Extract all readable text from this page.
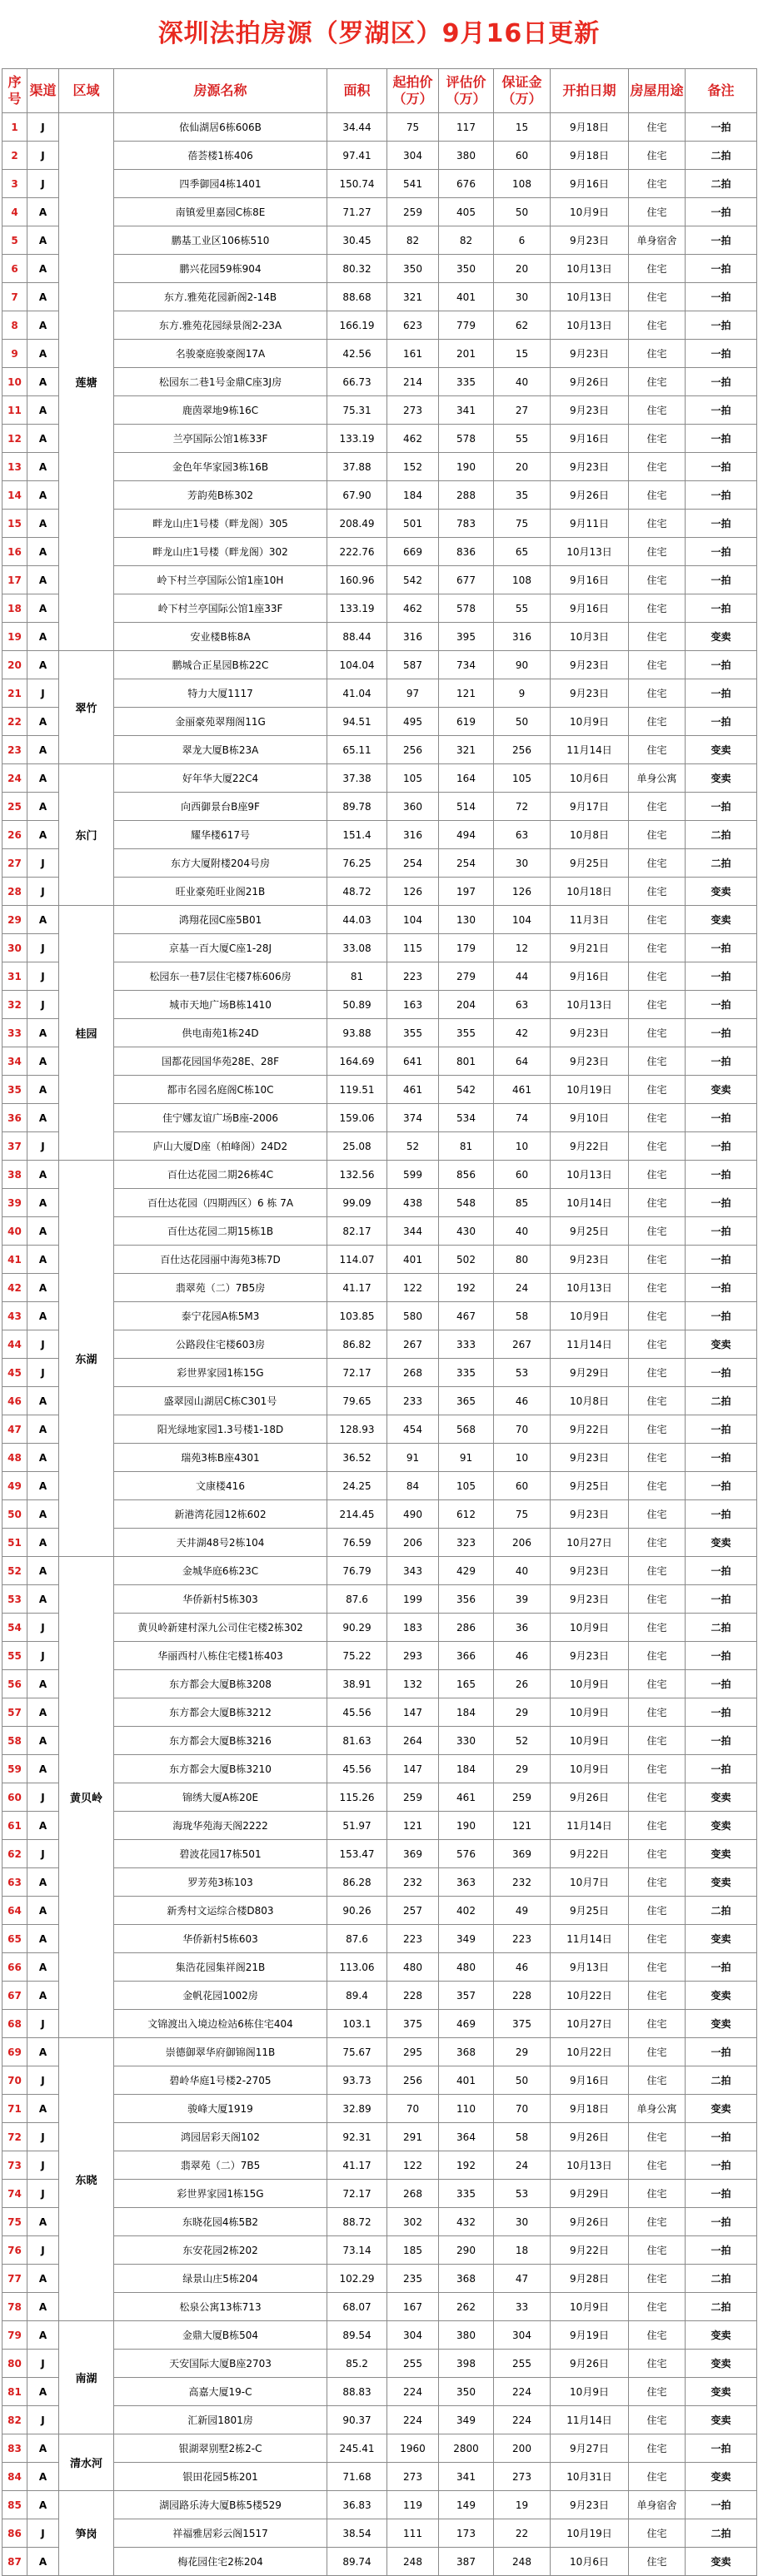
深圳法拍房源（罗湖区）9月16日更新
序号	渠道	区域	房源名称	面积	起拍价（万）	评估价（万）	保证金（万）	开拍日期	房屋用途	备注
1	J	莲塘	依仙湖居6栋606B	34.44	75	117	15	9月18日	住宅	一拍
2	J		蓓荟楼1栋406	97.41	304	380	60	9月18日	住宅	二拍
3	J		四季御园4栋1401	150.74	541	676	108	9月16日	住宅	二拍
4	A		南镇爱里嘉园C栋8E	71.27	259	405	50	10月9日	住宅	一拍
5	A		鹏基工业区106栋510	30.45	82	82	6	9月23日	单身宿舍	一拍
6	A		鹏兴花园59栋904	80.32	350	350	20	10月13日	住宅	一拍
7	A		东方.雅苑花园新阁2-14B	88.68	321	401	30	10月13日	住宅	一拍
8	A		东方.雅苑花园绿景阁2-23A	166.19	623	779	62	10月13日	住宅	一拍
9	A		名骏豪庭骏豪阁17A	42.56	161	201	15	9月23日	住宅	一拍
10	A		松园东二巷1号金鼎C座3J房	66.73	214	335	40	9月26日	住宅	一拍
11	A		鹿茵翠地9栋16C	75.31	273	341	27	9月23日	住宅	一拍
12	A		兰亭国际公馆1栋33F	133.19	462	578	55	9月16日	住宅	一拍
13	A		金色年华家园3栋16B	37.88	152	190	20	9月23日	住宅	一拍
14	A		芳韵苑B栋302	67.90	184	288	35	9月26日	住宅	一拍
15	A		畔龙山庄1号楼（畔龙阁）305	208.49	501	783	75	9月11日	住宅	一拍
16	A		畔龙山庄1号楼（畔龙阁）302	222.76	669	836	65	10月13日	住宅	一拍
17	A		岭下村兰亭国际公馆1座10H	160.96	542	677	108	9月16日	住宅	一拍
18	A		岭下村兰亭国际公馆1座33F	133.19	462	578	55	9月16日	住宅	一拍
19	A		安业楼B栋8A	88.44	316	395	316	10月3日	住宅	变卖
20	A	翠竹	鹏城合正星园B栋22C	104.04	587	734	90	9月23日	住宅	一拍
21	J		特力大厦1117	41.04	97	121	9	9月23日	住宅	一拍
22	A		金丽豪苑翠翔阁11G	94.51	495	619	50	10月9日	住宅	一拍
23	A		翠龙大厦B栋23A	65.11	256	321	256	11月14日	住宅	变卖
24	A	东门	好年华大厦22C4	37.38	105	164	105	10月6日	单身公寓	变卖
25	A		向西御景台B座9F	89.78	360	514	72	9月17日	住宅	一拍
26	A		耀华楼617号	151.4	316	494	63	10月8日	住宅	二拍
27	J		东方大厦附楼204号房	76.25	254	254	30	9月25日	住宅	二拍
28	J		旺业豪苑旺业阁21B	48.72	126	197	126	10月18日	住宅	变卖
29	A	桂园	鸿翔花园C座5B01	44.03	104	130	104	11月3日	住宅	变卖
30	J		京基一百大厦C座1-28J	33.08	115	179	12	9月21日	住宅	一拍
31	J		松园东一巷7层住宅楼7栋606房	81	223	279	44	9月16日	住宅	一拍
32	J		城市天地广场B栋1410	50.89	163	204	63	10月13日	住宅	一拍
33	A		供电南苑1栋24D	93.88	355	355	42	9月23日	住宅	一拍
34	A		国都花园国华苑28E、28F	164.69	641	801	64	9月23日	住宅	一拍
35	A		都市名园名庭阁C栋10C	119.51	461	542	461	10月19日	住宅	变卖
36	A		佳宁娜友谊广场B座-2006	159.06	374	534	74	9月10日	住宅	一拍
37	J		庐山大厦D座（柏峰阁）24D2	25.08	52	81	10	9月22日	住宅	一拍
38	A	东湖	百仕达花园二期26栋4C	132.56	599	856	60	10月13日	住宅	一拍
39	A		百仕达花园（四期西区）6 栋 7A	99.09	438	548	85	10月14日	住宅	一拍
40	A		百仕达花园二期15栋1B	82.17	344	430	40	9月25日	住宅	一拍
41	A		百仕达花园丽中海苑3栋7D	114.07	401	502	80	9月23日	住宅	一拍
42	A		翡翠苑（二）7B5房	41.17	122	192	24	10月13日	住宅	一拍
43	A		泰宁花园A栋5M3	103.85	580	467	58	10月9日	住宅	一拍
44	J		公路段住宅楼603房	86.82	267	333	267	11月14日	住宅	变卖
45	J		彩世界家园1栋15G	72.17	268	335	53	9月29日	住宅	一拍
46	A		盛翠园山湖居C栋C301号	79.65	233	365	46	10月8日	住宅	二拍
47	A		阳光绿地家园1.3号楼1-18D	128.93	454	568	70	9月22日	住宅	一拍
48	A		瑞苑3栋B座4301	36.52	91	91	10	9月23日	住宅	一拍
49	A		文康楼416	24.25	84	105	60	9月25日	住宅	一拍
50	A		新港湾花园12栋602	214.45	490	612	75	9月23日	住宅	一拍
51	A		天井湖48号2栋104	76.59	206	323	206	10月27日	住宅	变卖
52	A	黄贝岭	金城华庭6栋23C	76.79	343	429	40	9月23日	住宅	一拍
53	A		华侨新村5栋303	87.6	199	356	39	9月23日	住宅	一拍
54	J		黄贝岭新建村深九公司住宅楼2栋302	90.29	183	286	36	10月9日	住宅	二拍
55	J		华丽西村八栋住宅楼1栋403	75.22	293	366	46	9月23日	住宅	一拍
56	A		东方都会大厦B栋3208	38.91	132	165	26	10月9日	住宅	一拍
57	A		东方都会大厦B栋3212	45.56	147	184	29	10月9日	住宅	一拍
58	A		东方都会大厦B栋3216	81.63	264	330	52	10月9日	住宅	一拍
59	A		东方都会大厦B栋3210	45.56	147	184	29	10月9日	住宅	一拍
60	J		锦绣大厦A栋20E	115.26	259	461	259	9月26日	住宅	变卖
61	A		海珑华苑海天阁2222	51.97	121	190	121	11月14日	住宅	变卖
62	J		碧波花园17栋501	153.47	369	576	369	9月22日	住宅	变卖
63	A		罗芳苑3栋103	86.28	232	363	232	10月7日	住宅	变卖
64	A		新秀村文运综合楼D803	90.26	257	402	49	9月25日	住宅	二拍
65	A		华侨新村5栋603	87.6	223	349	223	11月14日	住宅	变卖
66	A		集浩花园集祥阁21B	113.06	480	480	46	9月13日	住宅	一拍
67	A		金帆花园1002房	89.4	228	357	228	10月22日	住宅	变卖
68	J		文锦渡出入境边检站6栋住宅404	103.1	375	469	375	10月27日	住宅	变卖
69	A	东晓	崇德御翠华府御锦阁11B	75.67	295	368	29	10月22日	住宅	一拍
70	J		碧岭华庭1号楼2-2705	93.73	256	401	50	9月16日	住宅	二拍
71	A		骏峰大厦1919	32.89	70	110	70	9月18日	单身公寓	变卖
72	J		鸿园居彩天阁102	92.31	291	364	58	9月26日	住宅	一拍
73	J		翡翠苑（二）7B5	41.17	122	192	24	10月13日	住宅	一拍
74	J		彩世界家园1栋15G	72.17	268	335	53	9月29日	住宅	一拍
75	A		东晓花园4栋5B2	88.72	302	432	30	9月26日	住宅	一拍
76	J		东安花园2栋202	73.14	185	290	18	9月22日	住宅	一拍
77	A		绿景山庄5栋204	102.29	235	368	47	9月28日	住宅	二拍
78	A		松泉公寓13栋713	68.07	167	262	33	10月9日	住宅	二拍
79	A	南湖	金鼎大厦B栋504	89.54	304	380	304	9月19日	住宅	变卖
80	J		天安国际大厦B座2703	85.2	255	398	255	9月26日	住宅	变卖
81	A		高嘉大厦19-C	88.83	224	350	224	10月9日	住宅	变卖
82	J		汇新园1801房	90.37	224	349	224	11月14日	住宅	变卖
83	A	清水河	银湖翠别墅2栋2-C	245.41	1960	2800	200	9月27日	住宅	一拍
84	A		银田花园5栋201	71.68	273	341	273	10月31日	住宅	变卖
85	A	笋岗	湖园路乐涛大厦B栋5楼529	36.83	119	149	19	9月23日	单身宿舍	一拍
86	J		祥福雅居彩云阁1517	38.54	111	173	22	10月19日	住宅	二拍
87	A		梅花园住宅2栋204	89.74	248	387	248	10月6日	住宅	变卖
